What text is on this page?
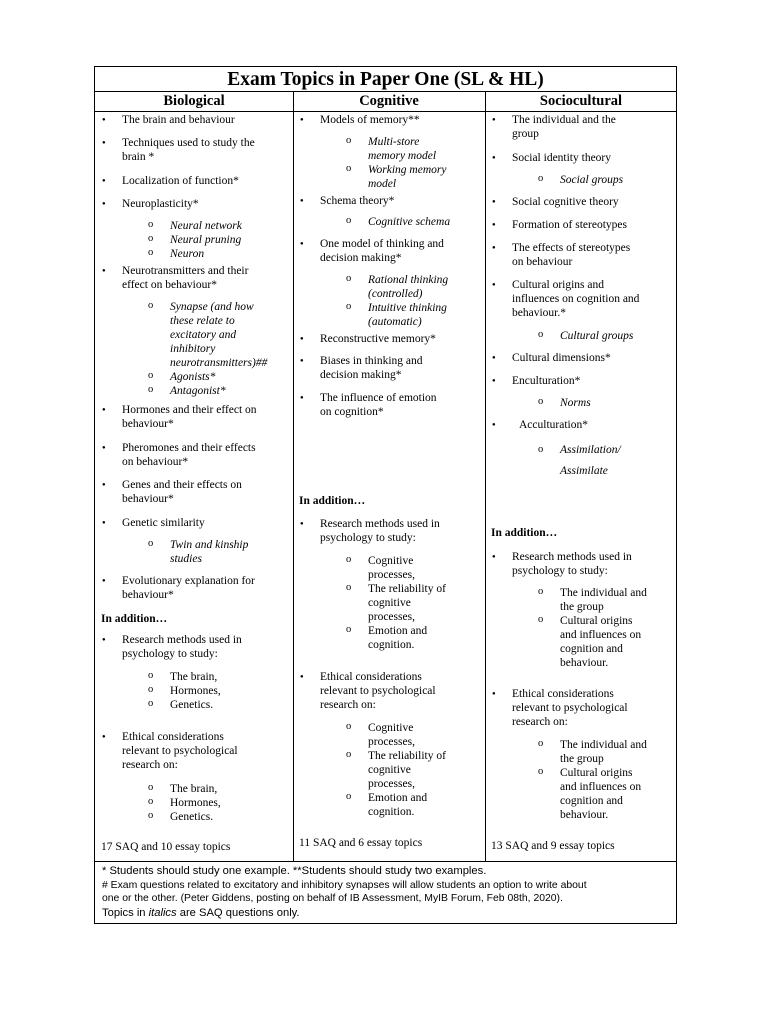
Exam Topics in Paper One (SL & HL)
Biological	Cognitive	Sociocultural
● The brain and behaviour
● Techniques used to study the
brain *
● Localization of function*
● Neuroplasticity*
o Neural network
o Neural pruning
o Neuron
● Neurotransmitters and their
effect on behaviour*
o Synapse (and how
these relate to
excitatory and
inhibitory
neurotransmitters)##
o Agonists*
o Antagonist*
● Hormones and their effect on
behaviour*
● Pheromones and their effects
on behaviour*
● Genes and their effects on
behaviour*
● Genetic similarity
o Twin and kinship
studies
● Evolutionary explanation for
behaviour*
In addition…
● Research methods used in
psychology to study:
o The brain,
o Hormones,
o Genetics.
● Ethical considerations
relevant to psychological
research on:
o The brain,
o Hormones,
o Genetics.
17 SAQ and 10 essay topics
● Models of memory**
o Multi-store
memory model
o Working memory
model
● Schema theory*
o Cognitive schema
● One model of thinking and
decision making*
o Rational thinking
(controlled)
o Intuitive thinking
(automatic)
● Reconstructive memory*
● Biases in thinking and
decision making*
● The influence of emotion
on cognition*
In addition…
● Research methods used in
psychology to study:
o Cognitive
processes,
o The reliability of
cognitive
processes,
o Emotion and
cognition.
● Ethical considerations
relevant to psychological
research on:
o Cognitive
processes,
o The reliability of
cognitive
processes,
o Emotion and
cognition.
11 SAQ and 6 essay topics
● The individual and the
group
● Social identity theory
o Social groups
● Social cognitive theory
● Formation of stereotypes
● The effects of stereotypes
on behaviour
● Cultural origins and
influences on cognition and
behaviour.*
o Cultural groups
● Cultural dimensions*
● Enculturation*
o Norms
● Acculturation*
o Assimilation/
Assimilate
In addition…
● Research methods used in
psychology to study:
o The individual and
the group
o Cultural origins
and influences on
cognition and
behaviour.
● Ethical considerations
relevant to psychological
research on:
o The individual and
the group
o Cultural origins
and influences on
cognition and
behaviour.
13 SAQ and 9 essay topics
* Students should study one example. **Students should study two examples.
# Exam questions related to excitatory and inhibitory synapses will allow students an option to write about
one or the other. (Peter Giddens, posting on behalf of IB Assessment, MyIB Forum, Feb 08th, 2020).
Topics in italics are SAQ questions only.
